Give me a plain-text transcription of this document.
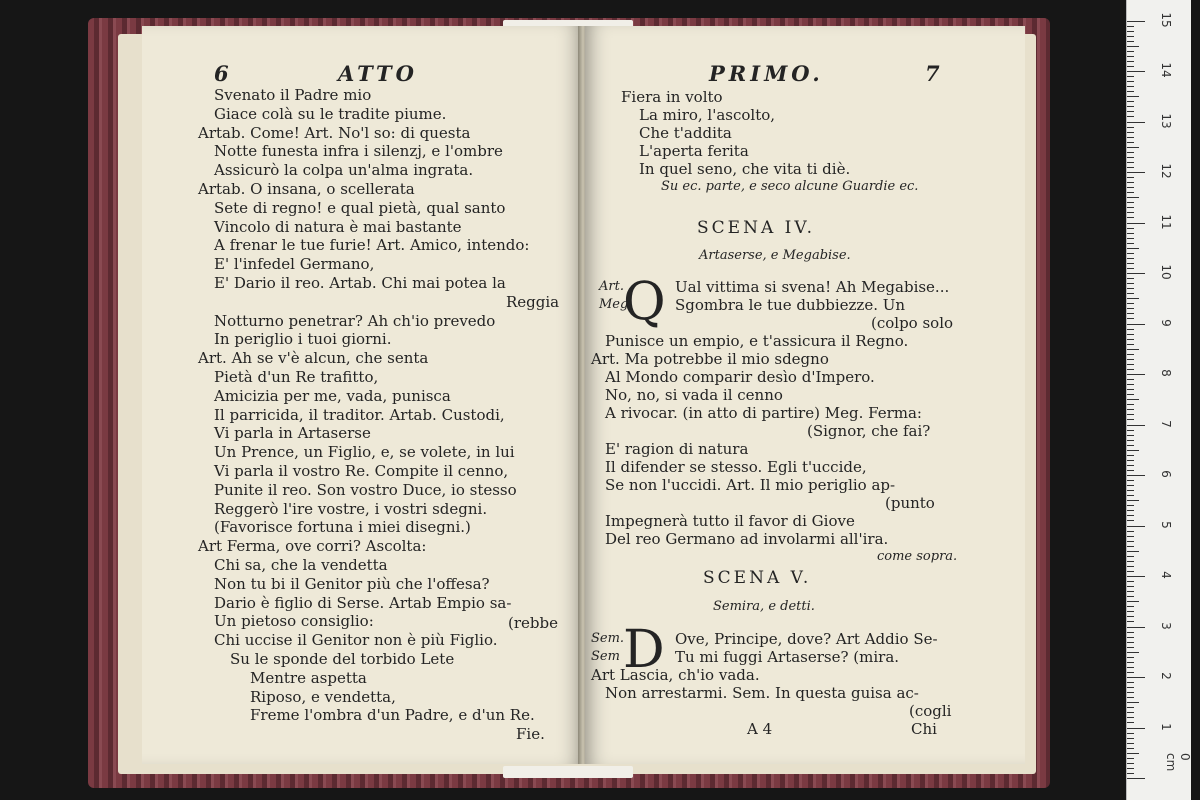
6	ATTO
Svenato il Padre mio
Giace colà su le tradite piume.
Artab. Come! Art. No'l so: di questa
Notte funesta infra i silenzj, e l'ombre
Assicurò la colpa un'alma ingrata.
Artab. O insana, o scellerata
Sete di regno! e qual pietà, qual santo
Vincolo di natura è mai bastante
A frenar le tue furie! Art. Amico, intendo:
E' l'infedel Germano,
E' Dario il reo. Artab. Chi mai potea la
Reggia
Notturno penetrar? Ah ch'io prevedo
In periglio i tuoi giorni.
Art. Ah se v'è alcun, che senta
Pietà d'un Re trafitto,
Amicizia per me, vada, punisca
Il parricida, il traditor. Artab. Custodi,
Vi parla in Artaserse
Un Prence, un Figlio, e, se volete, in lui
Vi parla il vostro Re. Compite il cenno,
Punite il reo. Son vostro Duce, io stesso
Reggerò l'ire vostre, i vostri sdegni.
(Favorisce fortuna i miei disegni.)
Art Ferma, ove corri? Ascolta:
Chi sa, che la vendetta
Non tu bi il Genitor più che l'offesa?
Dario è figlio di Serse. Artab Empio sa-
Un pietoso consiglio:	(rebbe
Chi uccise il Genitor non è più Figlio.
Su le sponde del torbido Lete
Mentre aspetta
Riposo, e vendetta,
Freme l'ombra d'un Padre, e d'un Re.
Fie.
PRIMO.	7
Fiera in volto
La miro, l'ascolto,
Che t'addita
L'aperta ferita
In quel seno, che vita ti diè.
Su ec. parte, e seco alcune Guardie ec.
SCENA IV.
Artaserse, e Megabise.
Art.
Meg
Q Ual vittima si svena! Ah Megabise...
Sgombra le tue dubbiezze. Un
(colpo solo
Punisce un empio, e t'assicura il Regno.
Art. Ma potrebbe il mio sdegno
Al Mondo comparir desìo d'Impero.
No, no, si vada il cenno
A rivocar. (in atto di partire) Meg. Ferma:
(Signor, che fai?
E' ragion di natura
Il difender se stesso. Egli t'uccide,
Se non l'uccidi. Art. Il mio periglio ap-
(punto
Impegnerà tutto il favor di Giove
Del reo Germano ad involarmi all'ira.
come sopra.
SCENA V.
Semira, e detti.
Sem.
Sem D Ove, Principe, dove? Art Addio Se-
Tu mi fuggi Artaserse? (mira.
Art Lascia, ch'io vada.
Non arrestarmi. Sem. In questa guisa ac-
(cogli
A 4	Chi
0 cm
1
2
3
4
5
6
7
8
9
10
11
12
13
14
15
